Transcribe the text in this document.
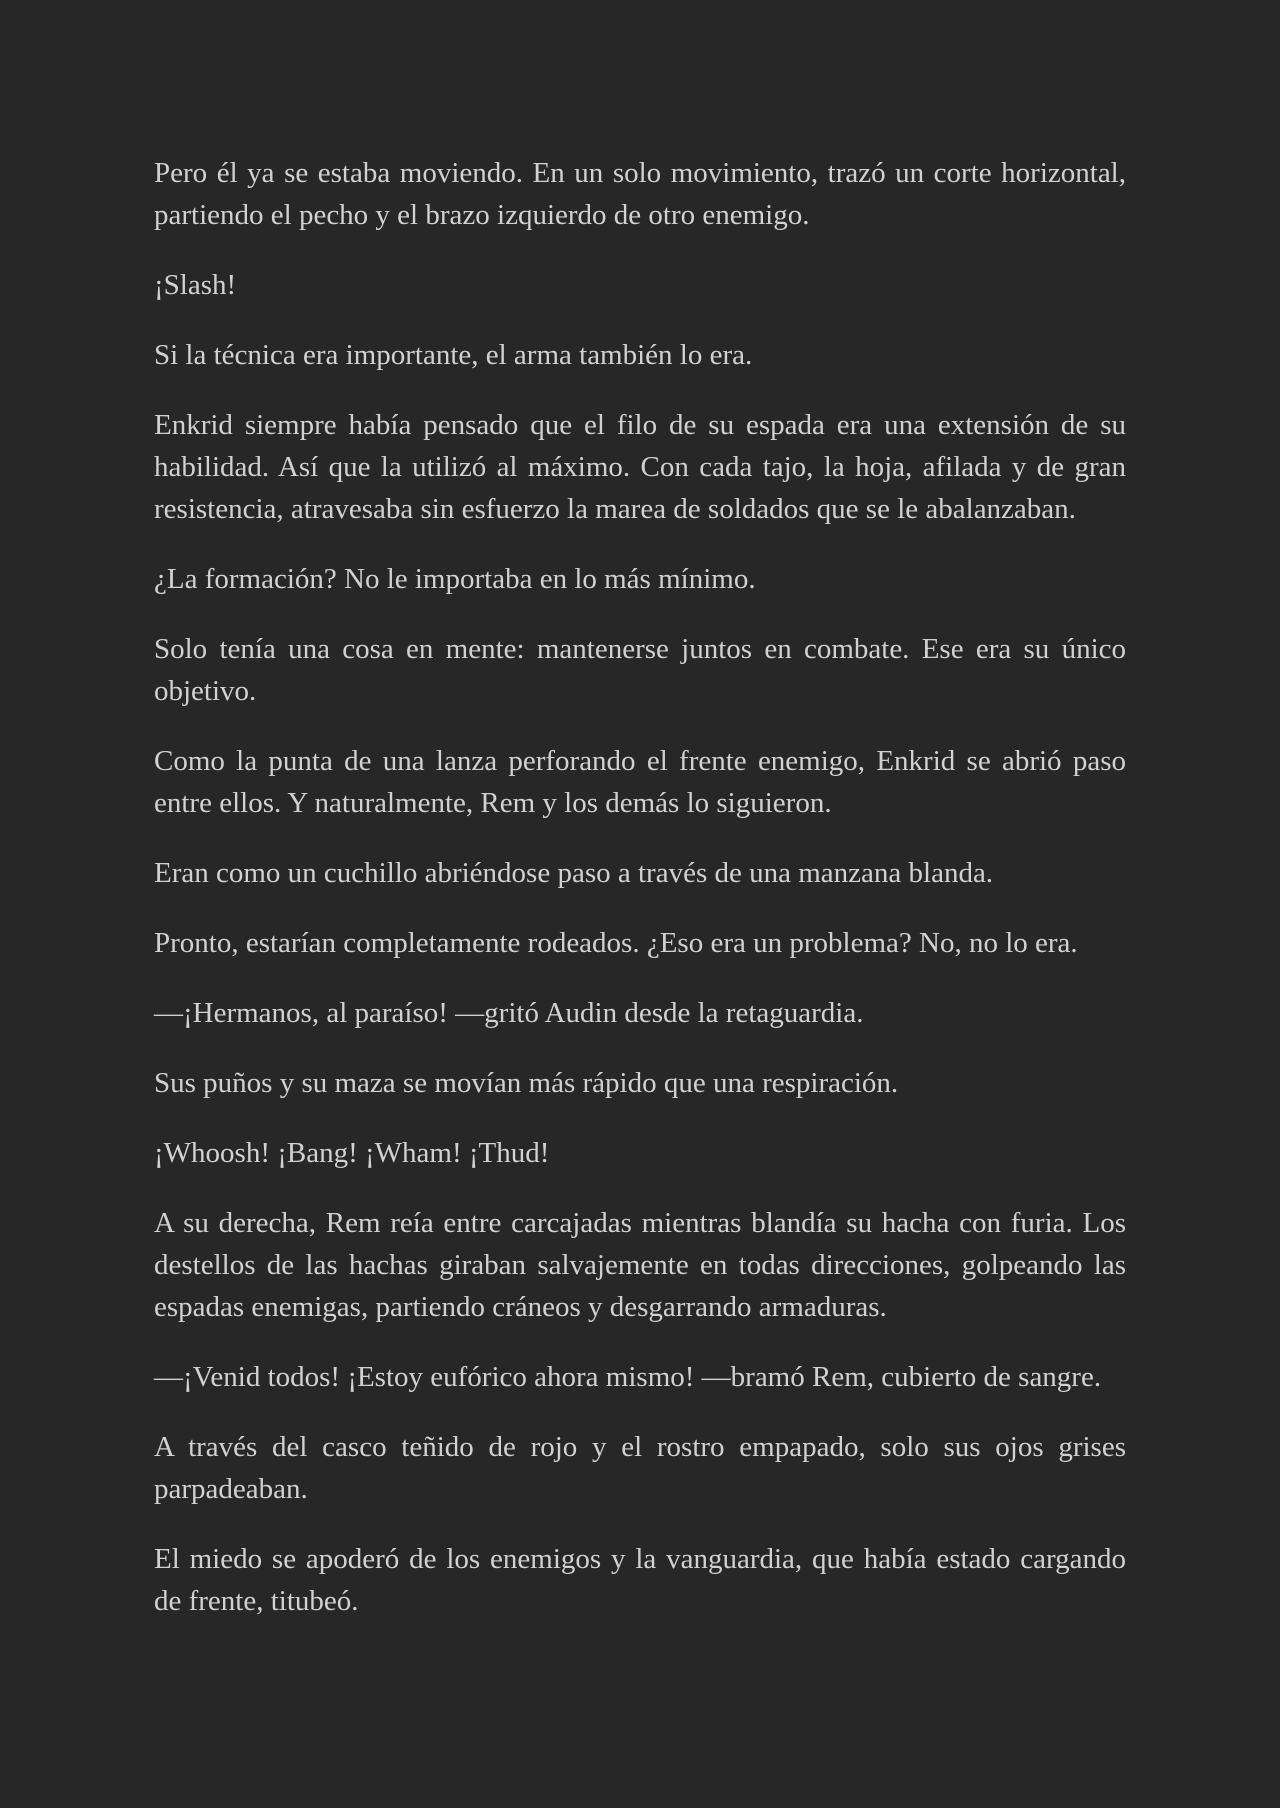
Pero él ya se estaba moviendo. En un solo movimiento, trazó un corte horizontal, partiendo el pecho y el brazo izquierdo de otro enemigo.

¡Slash!

Si la técnica era importante, el arma también lo era.

Enkrid siempre había pensado que el filo de su espada era una extensión de su habilidad. Así que la utilizó al máximo. Con cada tajo, la hoja, afilada y de gran resistencia, atravesaba sin esfuerzo la marea de soldados que se le abalanzaban.

¿La formación? No le importaba en lo más mínimo.

Solo tenía una cosa en mente: mantenerse juntos en combate. Ese era su único objetivo.

Como la punta de una lanza perforando el frente enemigo, Enkrid se abrió paso entre ellos. Y naturalmente, Rem y los demás lo siguieron.

Eran como un cuchillo abriéndose paso a través de una manzana blanda.

Pronto, estarían completamente rodeados. ¿Eso era un problema? No, no lo era.

—¡Hermanos, al paraíso! —gritó Audin desde la retaguardia.

Sus puños y su maza se movían más rápido que una respiración.

¡Whoosh! ¡Bang! ¡Wham! ¡Thud!

A su derecha, Rem reía entre carcajadas mientras blandía su hacha con furia. Los destellos de las hachas giraban salvajemente en todas direcciones, golpeando las espadas enemigas, partiendo cráneos y desgarrando armaduras.

—¡Venid todos! ¡Estoy eufórico ahora mismo! —bramó Rem, cubierto de sangre.

A través del casco teñido de rojo y el rostro empapado, solo sus ojos grises parpadeaban.

El miedo se apoderó de los enemigos y la vanguardia, que había estado cargando de frente, titubeó.
